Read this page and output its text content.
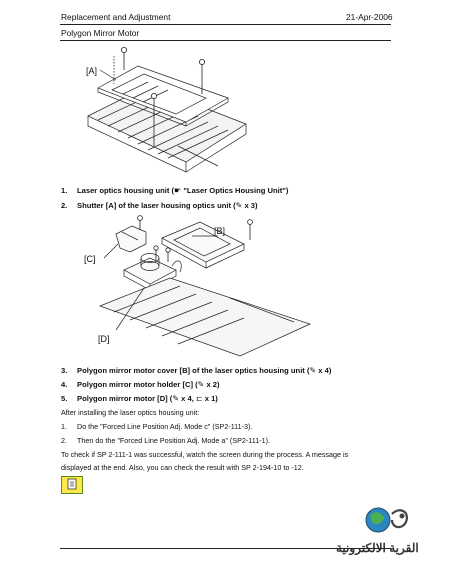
Replacement and Adjustment	21-Apr-2006
Polygon Mirror Motor
[A]
1. Laser optics housing unit (☛ "Laser Optics Housing Unit")
2. Shutter [A] of the laser housing optics unit (✎ x 3)
[B]
[C]
[D]
3. Polygon mirror motor cover [B] of the laser optics housing unit (✎ x 4)
4. Polygon mirror motor holder [C] (✎ x 2)
5. Polygon mirror motor [D] (✎ x 4, ⊏ x 1)
After installing the laser optics housing unit:
1. Do the "Forced Line Position Adj. Mode c" (SP2-111-3).
2. Then do the "Forced Line Position Adj. Mode a" (SP2-111-1).
To check if SP 2-111-1 was successful, watch the screen during the process. A message is
displayed at the end. Also, you can check the result with SP 2-194-10 to -12.
القرية الالكترونية
